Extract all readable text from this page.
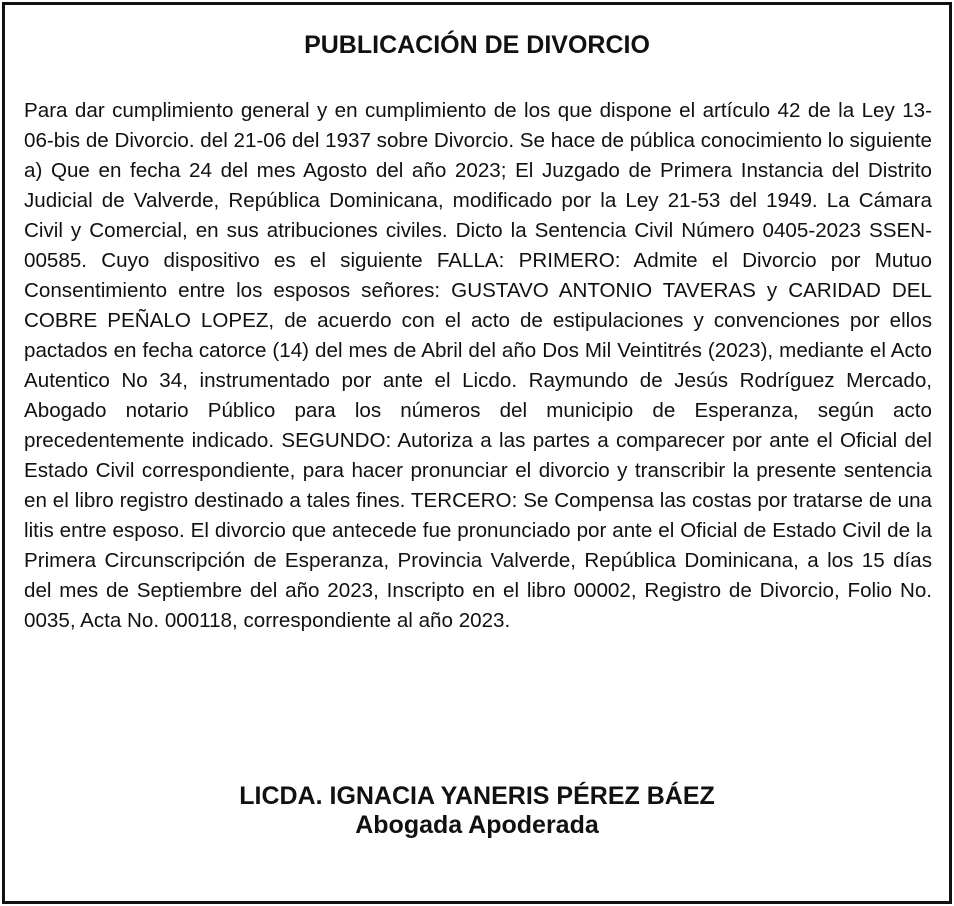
PUBLICACIÓN DE DIVORCIO

Para dar cumplimiento general y en cumplimiento de los que dispone el artículo 42 de la Ley 13-06-bis de Divorcio. del 21-06 del 1937 sobre Divorcio. Se hace de pública conocimiento lo siguiente a) Que en fecha 24 del mes Agosto del año 2023; El Juzgado de Primera Instancia del Distrito Judicial de Valverde, República Dominicana, modificado por la Ley 21-53 del 1949. La Cámara Civil y Comercial, en sus atribuciones civiles. Dicto la Sentencia Civil Número 0405-2023 SSEN-00585. Cuyo dispositivo es el siguiente FALLA: PRIMERO: Admite el Divorcio por Mutuo Consentimiento entre los esposos señores: GUSTAVO ANTONIO TAVERAS y CARIDAD DEL COBRE PEÑALO LOPEZ, de acuerdo con el acto de estipulaciones y convenciones por ellos pactados en fecha catorce (14) del mes de Abril del año Dos Mil Veintitrés (2023), mediante el Acto Autentico No 34, instrumentado por ante el Licdo. Raymundo de Jesús Rodríguez Mercado, Abogado notario Público para los números del municipio de Esperanza, según acto precedentemente indicado. SEGUNDO: Autoriza a las partes a comparecer por ante el Oficial del Estado Civil correspondiente, para hacer pronunciar el divorcio y transcribir la presente sentencia en el libro registro destinado a tales fines. TERCERO: Se Compensa las costas por tratarse de una litis entre esposo. El divorcio que antecede fue pronunciado por ante el Oficial de Estado Civil de la Primera Circunscripción de Esperanza, Provincia Valverde, República Dominicana, a los 15 días del mes de Septiembre del año 2023, Inscripto en el libro 00002, Registro de Divorcio, Folio No. 0035, Acta No. 000118, correspondiente al año 2023.

LICDA. IGNACIA YANERIS PÉREZ BÁEZ
Abogada Apoderada
